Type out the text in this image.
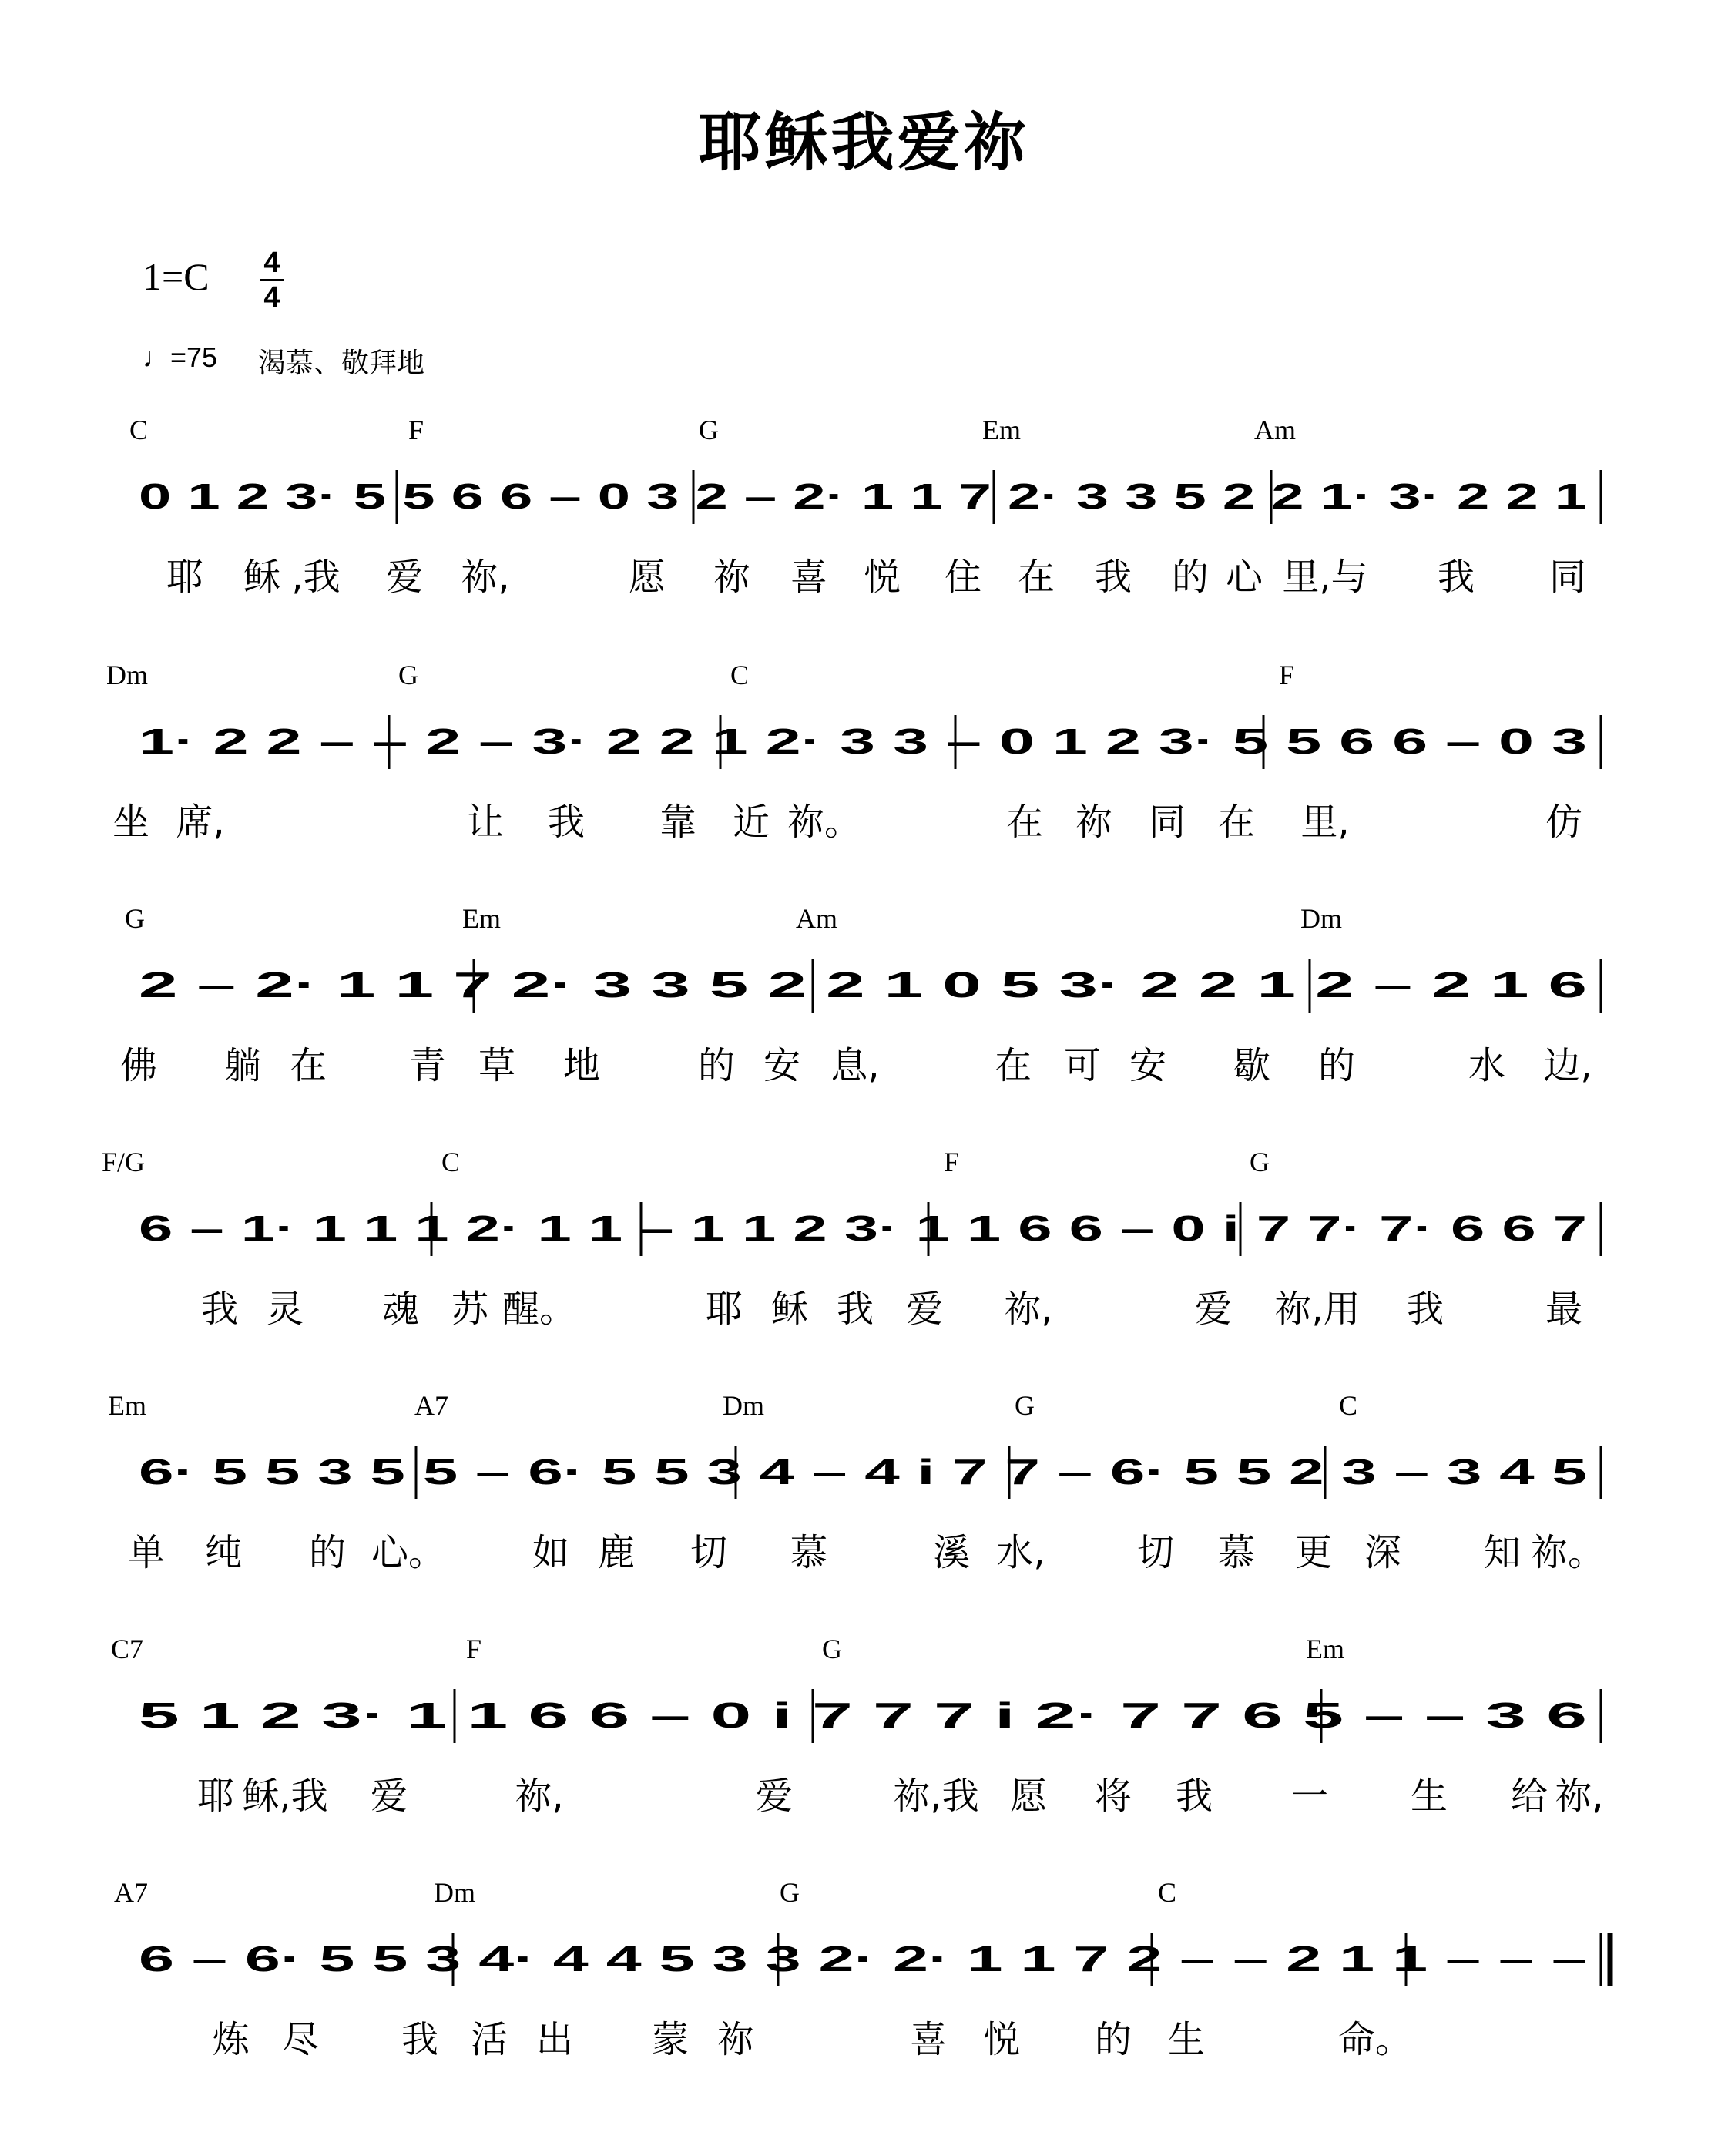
耶稣我爱祢
1=C 4
4
♩=75 渴慕、敬拜地
C	F	G	Em	Am
0 1 2 3· 5 5 6 6 – 0 3 2 – 2· 1 1 7 2· 3 3 5 2 2 1· 3· 2 2 1
耶 稣 ,我 爱 祢,	愿 祢 喜 悦 住 在 我 的 心 里,与 我 同
Dm	G	C	F
1· 2 2 – – 2 – 3· 2 2 1 2· 3 3 – 0 1 2 3· 5 5 6 6 – 0 3
坐 席,	让 我 靠 近 祢。	在 祢 同 在 里,	仿
G	Em	Am	Dm
2 – 2· 1 1 7 2· 3 3 5 2 2 1 0 5 3· 2 2 1 2 – 2 1 6
佛 躺 在 青 草 地	的 安 息,	在 可 安 歇 的	水 边,
F/G	C	F	G
6 – 1· 1 1 1 2· 1 1 – 1 1 2 3· 1 1 6 6 – 0 i 7 7· 7· 6 6 7
我 灵 魂 苏 醒。	耶 稣 我 爱 祢,	爱 祢,用 我	最
Em	A7	Dm	G	C
6· 5 5 3 5 5 – 6· 5 5 3 4 – 4 i 7 7 – 6· 5 5 2 3 – 3 4 5
单 纯 的 心。 如 鹿 切 慕	溪 水, 切 慕 更 深 知 祢。
C7	F	G	Em
5 1 2 3· 1 1 6 6 – 0 i 7 7 7 i 2· 7 7 6 5 – – 3 6
耶 稣,我 爱	祢,	爱	祢,我 愿 将 我 一 生 给 祢,
A7	Dm	G	C
6 – 6· 5 5 3 4· 4 4 5 3 3 2· 2· 1 1 7 2 – – 2 1 1 – – –
炼 尽 我 活 出 蒙 祢	喜 悦 的 生	命。
